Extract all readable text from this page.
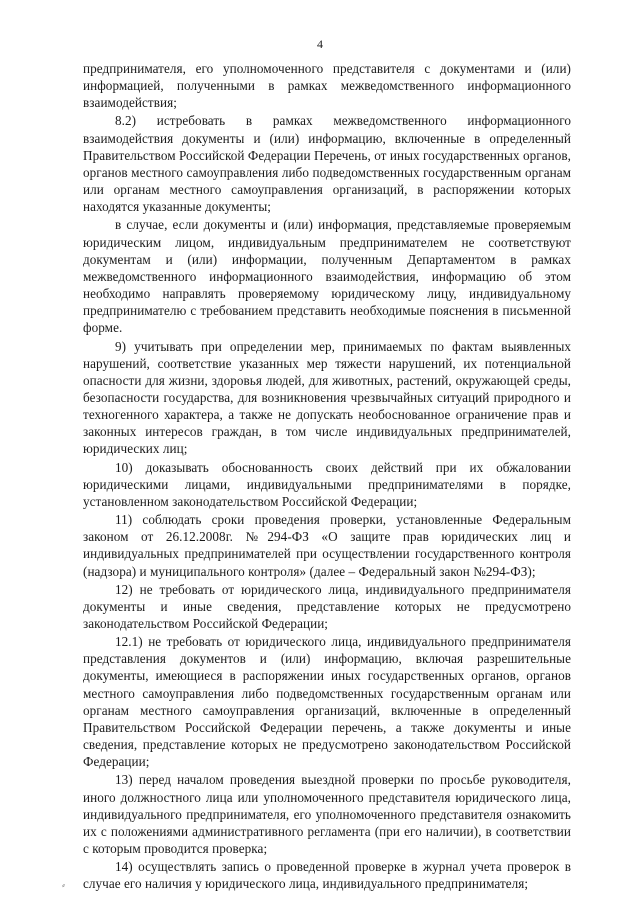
4

предпринимателя, его уполномоченного представителя с документами и (или) информацией, полученными в рамках межведомственного информационного взаимодействия;

8.2) истребовать в рамках межведомственного информационного взаимодействия документы и (или) информацию, включенные в определенный Правительством Российской Федерации Перечень, от иных государственных органов, органов местного самоуправления либо подведомственных государственным органам или органам местного самоуправления организаций, в распоряжении которых находятся указанные документы;

в случае, если документы и (или) информация, представляемые проверяемым юридическим лицом, индивидуальным предпринимателем не соответствуют документам и (или) информации, полученным Департаментом в рамках межведомственного информационного взаимодействия, информацию об этом необходимо направлять проверяемому юридическому лицу, индивидуальному предпринимателю с требованием представить необходимые пояснения в письменной форме.

9) учитывать при определении мер, принимаемых по фактам выявленных нарушений, соответствие указанных мер тяжести нарушений, их потенциальной опасности для жизни, здоровья людей, для животных, растений, окружающей среды, безопасности государства, для возникновения чрезвычайных ситуаций природного и техногенного характера, а также не допускать необоснованное ограничение прав и законных интересов граждан, в том числе индивидуальных предпринимателей, юридических лиц;

10) доказывать обоснованность своих действий при их обжаловании юридическими лицами, индивидуальными предпринимателями в порядке, установленном законодательством Российской Федерации;

11) соблюдать сроки проведения проверки, установленные Федеральным законом от 26.12.2008г. №294-ФЗ «О защите прав юридических лиц и индивидуальных предпринимателей при осуществлении государственного контроля (надзора) и муниципального контроля» (далее – Федеральный закон №294-ФЗ);

12) не требовать от юридического лица, индивидуального предпринимателя документы и иные сведения, представление которых не предусмотрено законодательством Российской Федерации;

12.1) не требовать от юридического лица, индивидуального предпринимателя представления документов и (или) информацию, включая разрешительные документы, имеющиеся в распоряжении иных государственных органов, органов местного самоуправления либо подведомственных государственным органам или органам местного самоуправления организаций, включенные в определенный Правительством Российской Федерации перечень, а также документы и иные сведения, представление которых не предусмотрено законодательством Российской Федерации;

13) перед началом проведения выездной проверки по просьбе руководителя, иного должностного лица или уполномоченного представителя юридического лица, индивидуального предпринимателя, его уполномоченного представителя ознакомить их с положениями административного регламента (при его наличии), в соответствии с которым проводится проверка;

14) осуществлять запись о проведенной проверке в журнал учета проверок в случае его наличия у юридического лица, индивидуального предпринимателя;

⸗
